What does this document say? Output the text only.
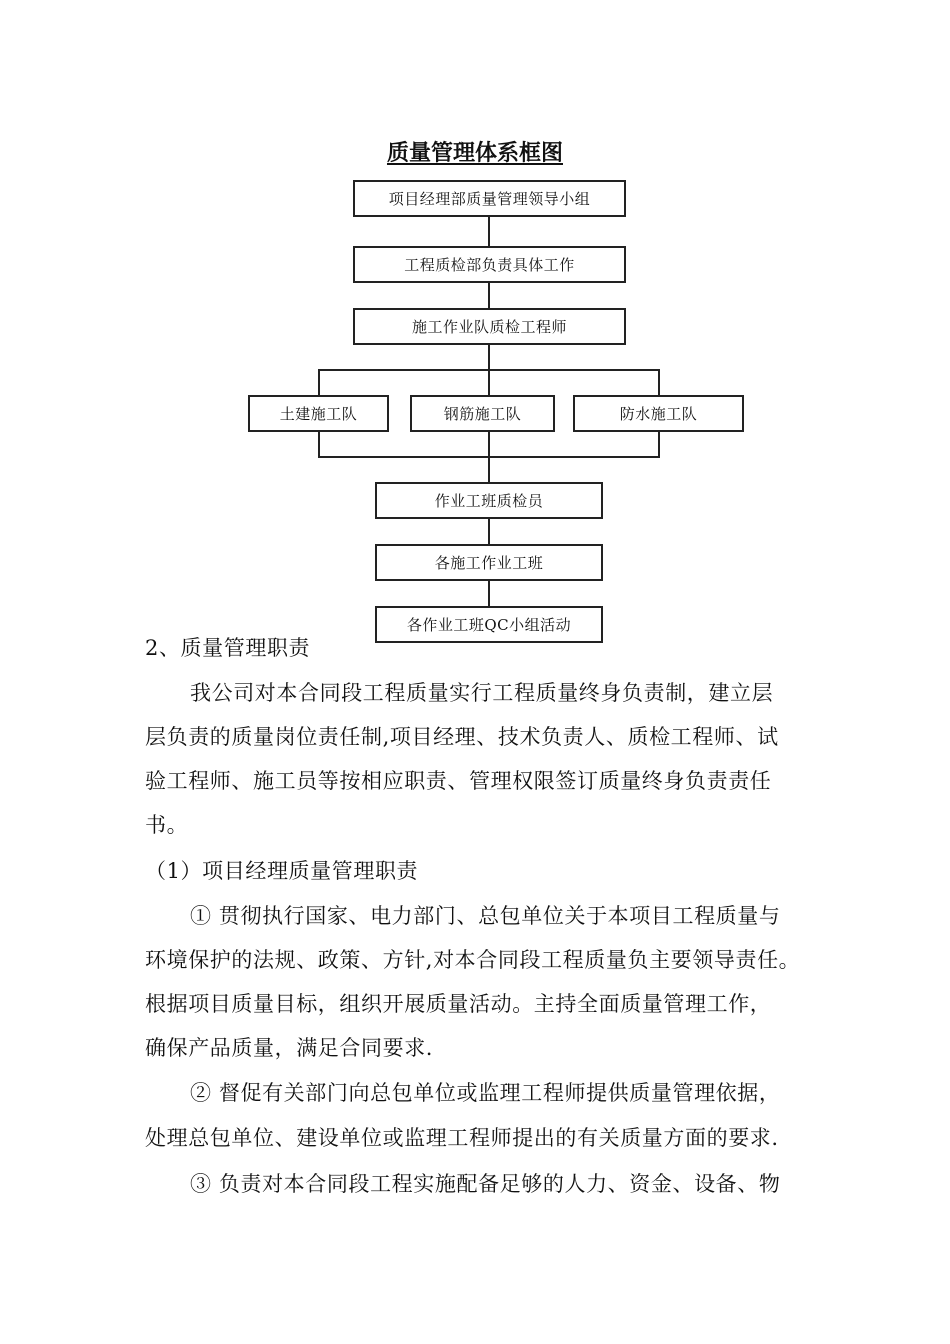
质量管理体系框图
项目经理部质量管理领导小组
工程质检部负责具体工作
施工作业队质检工程师
土建施工队	钢筋施工队	防水施工队
作业工班质检员
各施工作业工班
各作业工班QC小组活动
2、质量管理职责
我公司对本合同段工程质量实行工程质量终身负责制，建立层
层负责的质量岗位责任制,项目经理、技术负责人、质检工程师、试
验工程师、施工员等按相应职责、管理权限签订质量终身负责责任
书。
（1）项目经理质量管理职责
① 贯彻执行国家、电力部门、总包单位关于本项目工程质量与
环境保护的法规、政策、方针,对本合同段工程质量负主要领导责任。
根据项目质量目标，组织开展质量活动。主持全面质量管理工作，
确保产品质量，满足合同要求.
② 督促有关部门向总包单位或监理工程师提供质量管理依据，
处理总包单位、建设单位或监理工程师提出的有关质量方面的要求.
③ 负责对本合同段工程实施配备足够的人力、资金、设备、物
